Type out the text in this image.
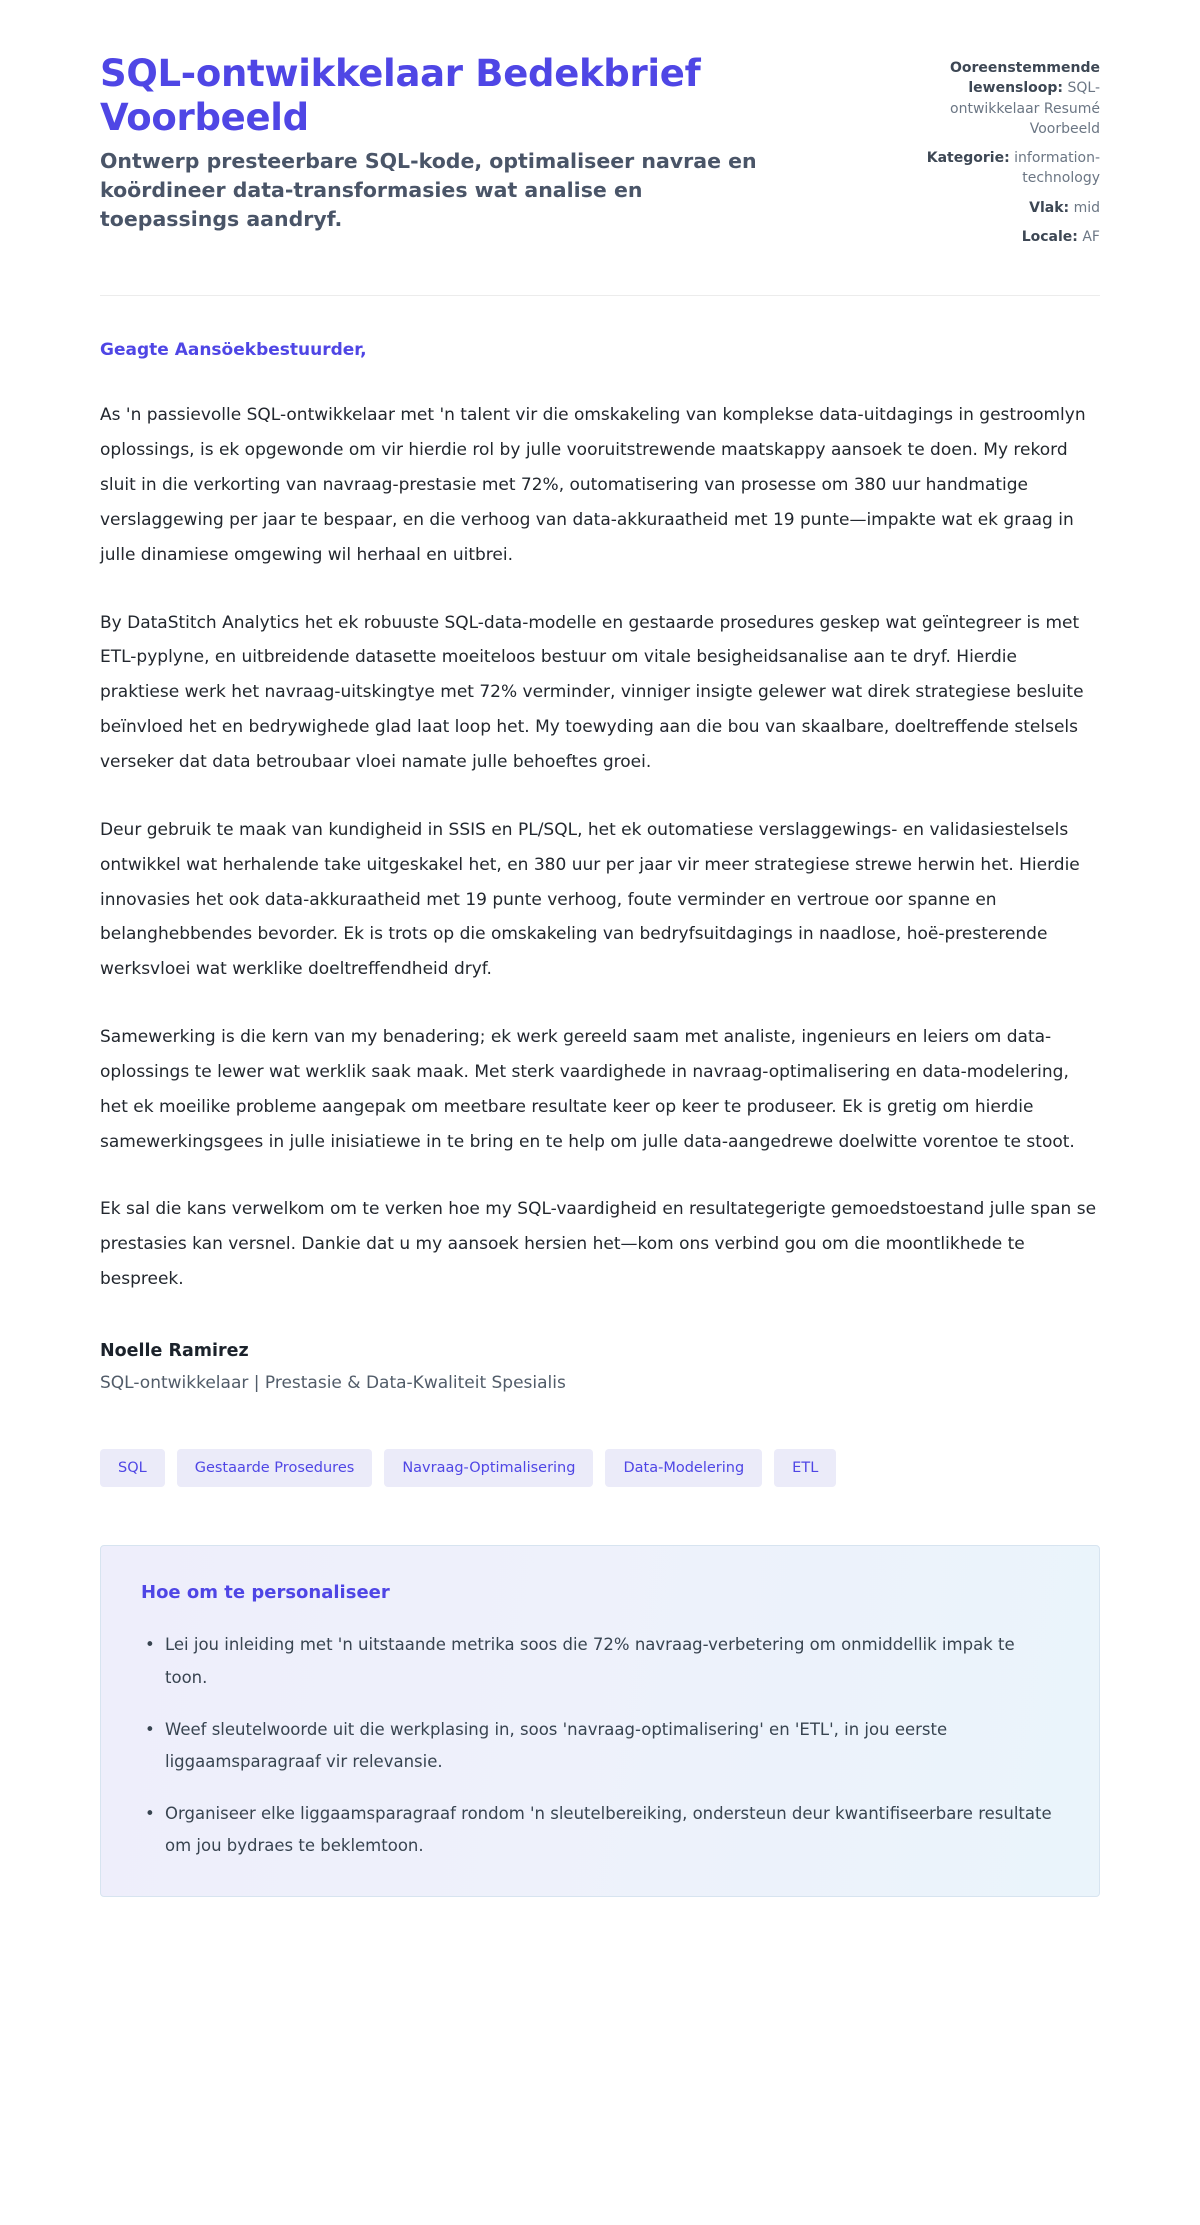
SQL-ontwikkelaar Bedekbrief Voorbeeld

Ontwerp presteerbare SQL-kode, optimaliseer navrae en koördineer data-transformasies wat analise en toepassings aandryf.

Ooreenstemmende lewensloop: SQL-ontwikkelaar Resumé Voorbeeld
Kategorie: information-technology
Vlak: mid
Locale: AF

Geagte Aansöekbestuurder,

As 'n passievolle SQL-ontwikkelaar met 'n talent vir die omskakeling van komplekse data-uitdagings in gestroomlyn oplossings, is ek opgewonde om vir hierdie rol by julle vooruitstrewende maatskappy aansoek te doen. My rekord sluit in die verkorting van navraag-prestasie met 72%, outomatisering van prosesse om 380 uur handmatige verslaggewing per jaar te bespaar, en die verhoog van data-akkuraatheid met 19 punte—impakte wat ek graag in julle dinamiese omgewing wil herhaal en uitbrei.

By DataStitch Analytics het ek robuuste SQL-data-modelle en gestaarde prosedures geskep wat geïntegreer is met ETL-pyplyne, en uitbreidende datasette moeiteloos bestuur om vitale besigheidsanalise aan te dryf. Hierdie praktiese werk het navraag-uitskingtye met 72% verminder, vinniger insigte gelewer wat direk strategiese besluite beïnvloed het en bedrywighede glad laat loop het. My toewyding aan die bou van skaalbare, doeltreffende stelsels verseker dat data betroubaar vloei namate julle behoeftes groei.

Deur gebruik te maak van kundigheid in SSIS en PL/SQL, het ek outomatiese verslaggewings- en validasiestelsels ontwikkel wat herhalende take uitgeskakel het, en 380 uur per jaar vir meer strategiese strewe herwin het. Hierdie innovasies het ook data-akkuraatheid met 19 punte verhoog, foute verminder en vertroue oor spanne en belanghebbendes bevorder. Ek is trots op die omskakeling van bedryfsuitdagings in naadlose, hoë-presterende werksvloei wat werklike doeltreffendheid dryf.

Samewerking is die kern van my benadering; ek werk gereeld saam met analiste, ingenieurs en leiers om data-oplossings te lewer wat werklik saak maak. Met sterk vaardighede in navraag-optimalisering en data-modelering, het ek moeilike probleme aangepak om meetbare resultate keer op keer te produseer. Ek is gretig om hierdie samewerkingsgees in julle inisiatiewe in te bring en te help om julle data-aangedrewe doelwitte vorentoe te stoot.

Ek sal die kans verwelkom om te verken hoe my SQL-vaardigheid en resultategerigte gemoedstoestand julle span se prestasies kan versnel. Dankie dat u my aansoek hersien het—kom ons verbind gou om die moontlikhede te bespreek.

Noelle Ramirez

SQL-ontwikkelaar | Prestasie & Data-Kwaliteit Spesialis

SQL	Gestaarde Prosedures	Navraag-Optimalisering	Data-Modelering	ETL
Hoe om te personaliseer
• Lei jou inleiding met 'n uitstaande metrika soos die 72% navraag-verbetering om onmiddellik impak te toon.
• Weef sleutelwoorde uit die werkplasing in, soos 'navraag-optimalisering' en 'ETL', in jou eerste liggaamsparagraaf vir relevansie.
• Organiseer elke liggaamsparagraaf rondom 'n sleutelbereiking, ondersteun deur kwantifiseerbare resultate om jou bydraes te beklemtoon.
